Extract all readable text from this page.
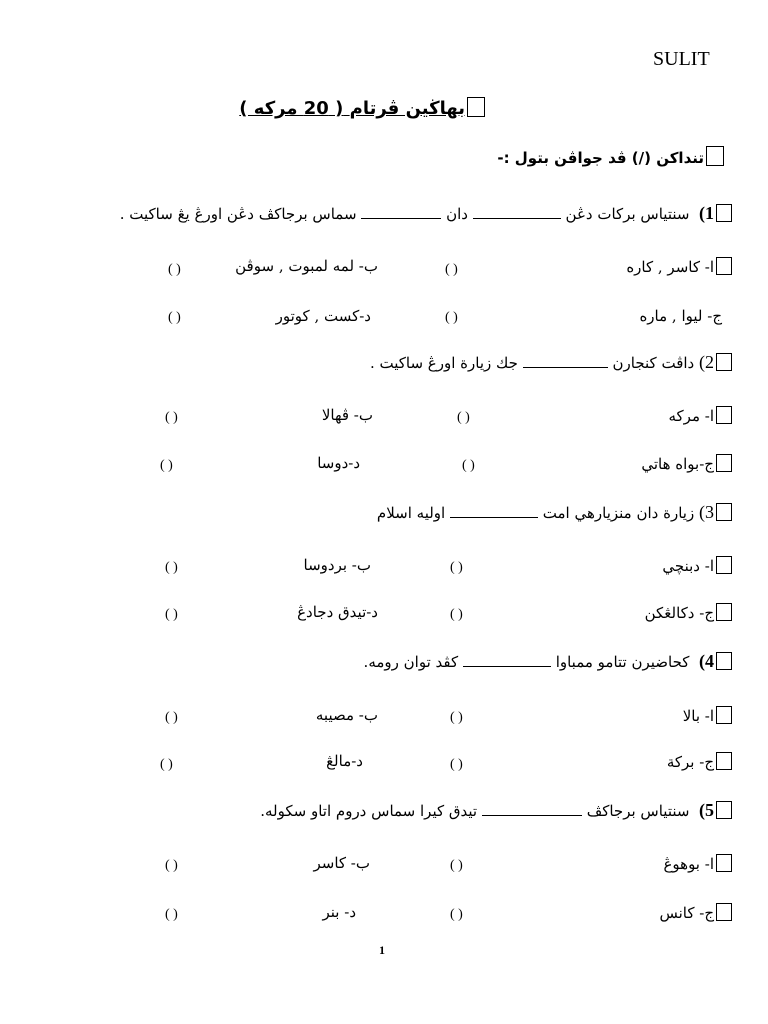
SULIT
بهاڬين ڤرتام ( 20 مركه )
تنداكن (/) ڤد جواڤن بتول :-
1)  سنتياس بركات دڠن  دان  سماس برجاكڤ دڠن اورڠ يڠ ساكيت .
ا- كاسر , كاره
( )
ب- لمه لمبوت , سوڤن
( )
ج- ليوا , ماره
( )
د-كست , كوتور
( )
2) داڤت كنجارن  جك زيارة اورڠ ساكيت .
ا- مركه
( )
ب- ڤهالا
( )
ج-بواه هاتي
( )
د-دوسا
( )
3) زيارة دان منزيارهي امت  اوليه اسلام
ا- دبنچي
( )
ب- بردوسا
( )
ج- دكالڠكن
( )
د-تيدق دجادڠ
( )
4)  كحاضيرن تتامو ممباوا  كڤد توان رومه.
ا- بالا
( )
ب- مصيبه
( )
ج- بركة
( )
د-مالڠ
( )
5)  سنتياس برجاكڤ  تيدق كيرا سماس دروم اتاو سكوله.
ا- بوهوڠ
( )
ب- كاسر
( )
ج- كانس
( )
د- بنر
( )
1
